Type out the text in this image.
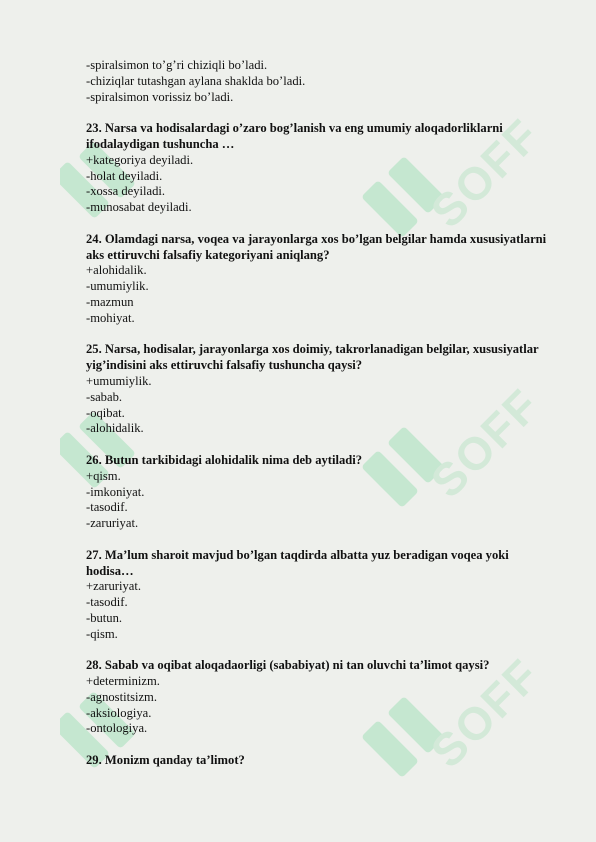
SOFF
SOFF
SOFF
-spiralsimon to’g’ri chiziqli bo’ladi.
-chiziqlar tutashgan aylana shakldа bo’ladi.
-spiralsimon vorissiz bo’ladi.
23. Narsa va hodisalardagi o’zaro bog’lanish va eng umumiy aloqadorliklarni ifodalaydigan tushuncha …
+kategoriya deyiladi.
-holat deyiladi.
-xossa deyiladi.
-munosabat deyiladi.
24. Olamdagi narsa, voqea va jarayonlarga xos bo’lgan belgilar hamda xususiyatlarni aks ettiruvchi falsafiy kategoriyani aniqlang?
+alohidalik.
-umumiylik.
-mazmun
-mohiyat.
25. Narsa, hodisalar, jarayonlarga xos doimiy, takrorlanadigan belgilar, xususiyatlar yig’indisini aks ettiruvchi falsafiy tushuncha qaysi?
+umumiylik.
-sabab.
-oqibat.
-alohidalik.
26. Butun tarkibidagi alohidalik nima deb aytiladi?
+qism.
-imkoniyat.
-tasodif.
-zaruriyat.
27. Ma’lum sharoit mavjud bo’lgan taqdirda albatta yuz beradigan voqea yoki hodisa…
+zaruriyat.
-tasodif.
-butun.
-qism.
28. Sabab va oqibat aloqadaorligi (sababiyat) ni tan oluvchi ta’limot qaysi?
+determinizm.
-agnostitsizm.
-aksiologiya.
-ontologiya.
29. Monizm qanday ta’limot?
